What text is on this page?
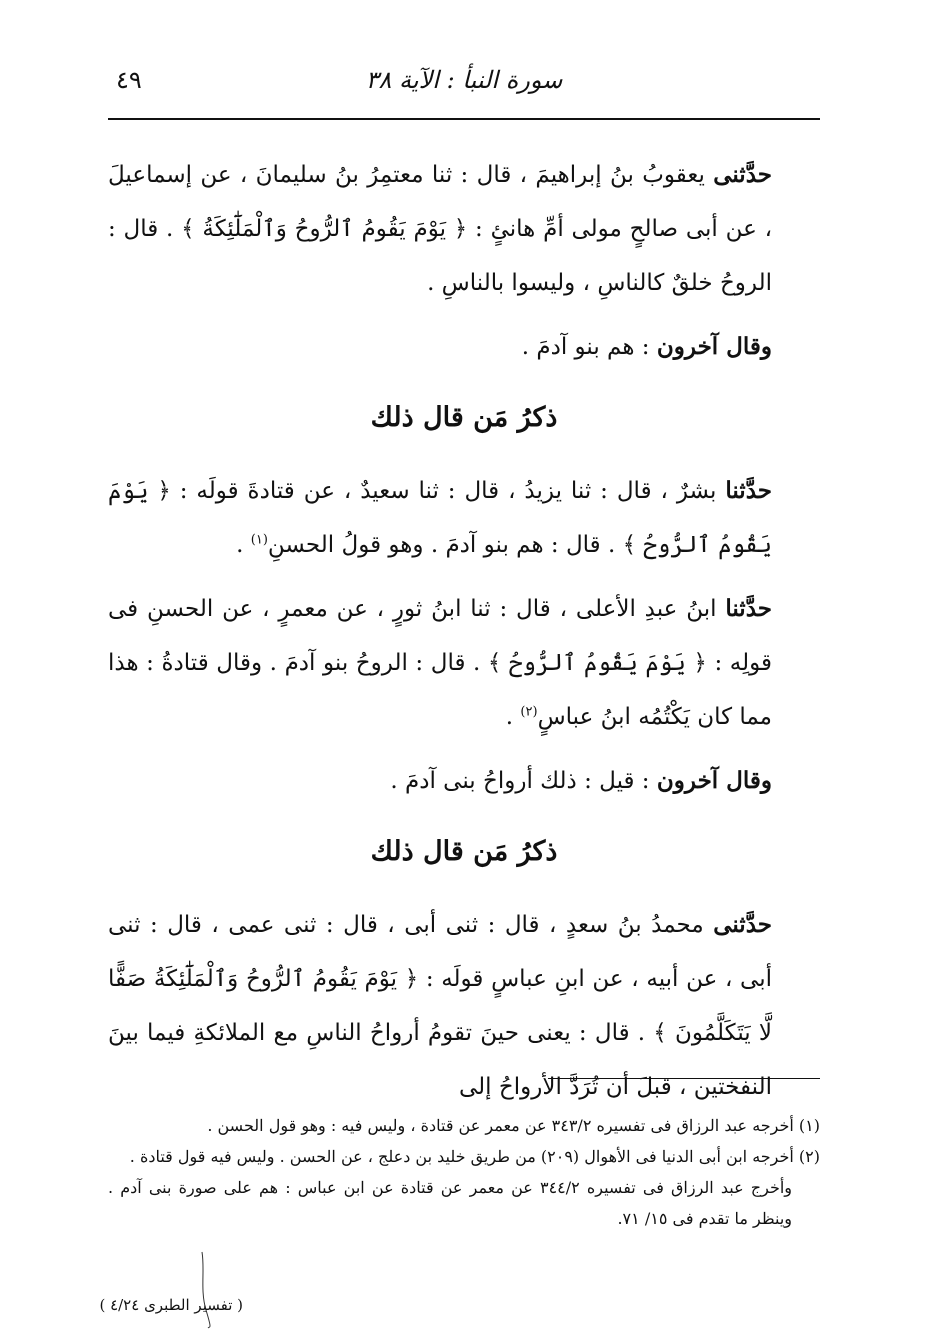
٤٩	سورة النبأ : الآية ٣٨

حدَّثنى يعقوبُ بنُ إبراهيمَ ، قال : ثنا معتمِرُ بنُ سليمانَ ، عن إسماعيلَ ، عن أبى صالحٍ مولى أمِّ هانئٍ : ﴿ يَوْمَ يَقُومُ ٱلرُّوحُ وَٱلْمَلَٰٓئِكَةُ ﴾ . قال : الروحُ خلقٌ كالناسِ ، وليسوا بالناسِ .

وقال آخرون : هم بنو آدمَ .

ذكرُ مَن قال ذلك

حدَّثنا بشرٌ ، قال : ثنا يزيدُ ، قال : ثنا سعيدٌ ، عن قتادةَ قولَه : ﴿ يَوْمَ يَقُومُ ٱلرُّوحُ ﴾ . قال : هم بنو آدمَ . وهو قولُ الحسنِ$^{(١)}$ .

حدَّثنا ابنُ عبدِ الأعلى ، قال : ثنا ابنُ ثورٍ ، عن معمرٍ ، عن الحسنِ فى قولِه : ﴿ يَوْمَ يَقُومُ ٱلرُّوحُ ﴾ . قال : الروحُ بنو آدمَ . وقال قتادةُ : هذا مما كان يَكْتُمُه ابنُ عباسٍ$^{(٢)}$ .

وقال آخرون : قيل : ذلك أرواحُ بنى آدمَ .

ذكرُ مَن قال ذلك

حدَّثنى محمدُ بنُ سعدٍ ، قال : ثنى أبى ، قال : ثنى عمى ، قال : ثنى أبى ، عن أبيه ، عن ابنِ عباسٍ قولَه : ﴿ يَوْمَ يَقُومُ ٱلرُّوحُ وَٱلْمَلَٰٓئِكَةُ صَفًّا لَّا يَتَكَلَّمُونَ ﴾ . قال : يعنى حينَ تقومُ أرواحُ الناسِ مع الملائكةِ فيما بينَ النفختين ، قبلَ أن تُرَدَّ الأرواحُ إلى

(١) أخرجه عبد الرزاق فى تفسيره ٣٤٣/٢ عن معمر عن قتادة ، وليس فيه : وهو قول الحسن .

(٢) أخرجه ابن أبى الدنيا فى الأهوال (٢٠٩) من طريق خليد بن دعلج ، عن الحسن . وليس فيه قول قتادة .

وأخرج عبد الرزاق فى تفسيره ٣٤٤/٢ عن معمر عن قتادة عن ابن عباس : هم على صورة بنى آدم . وينظر ما تقدم فى ١٥/ ٧١.

( تفسير الطبرى ٤/٢٤ )
